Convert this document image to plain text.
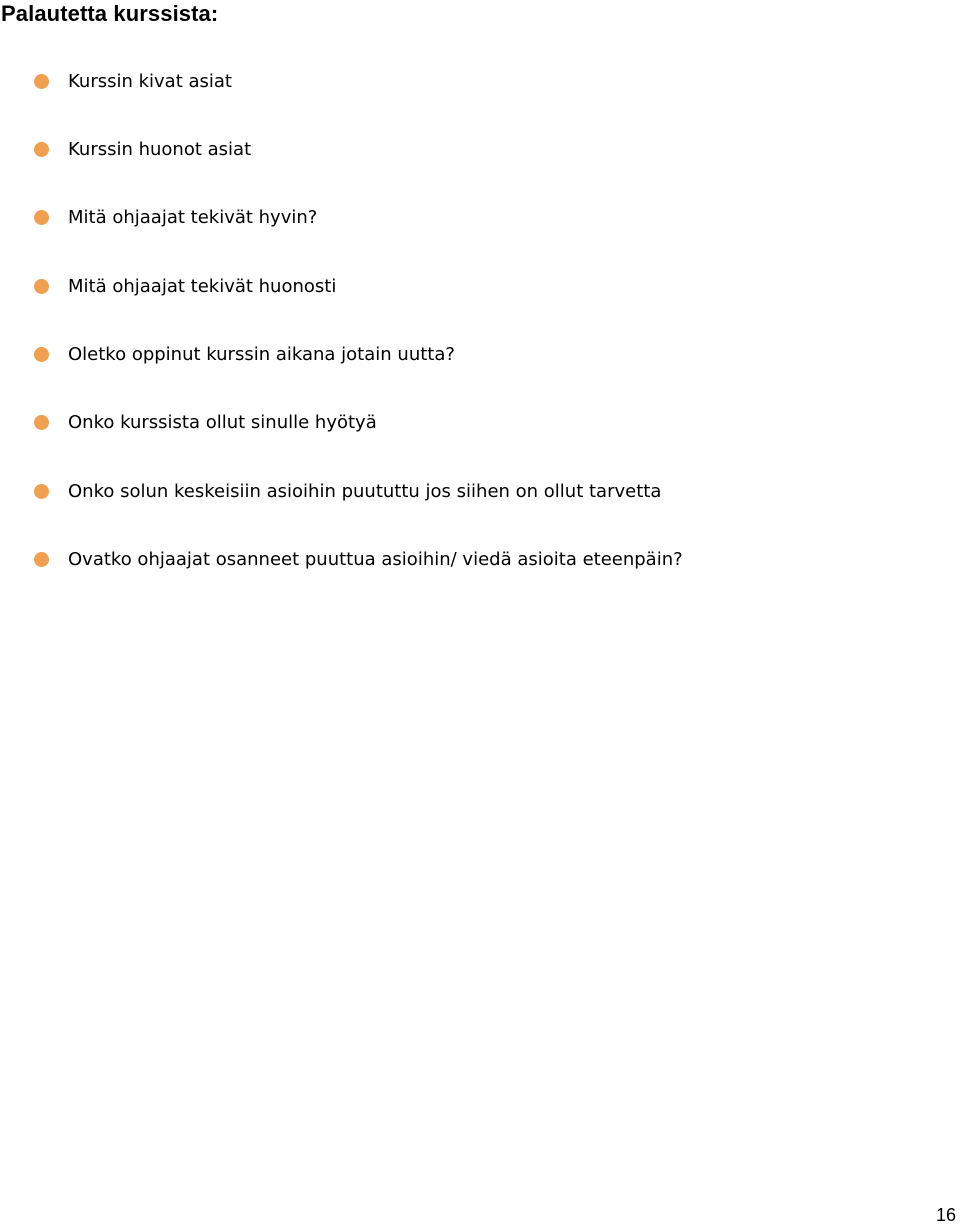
Palautetta kurssista:
Kurssin kivat asiat
Kurssin huonot asiat
Mitä ohjaajat tekivät hyvin?
Mitä ohjaajat tekivät huonosti
Oletko oppinut kurssin aikana jotain uutta?
Onko kurssista ollut sinulle hyötyä
Onko solun keskeisiin asioihin puututtu jos siihen on ollut tarvetta
Ovatko ohjaajat osanneet puuttua asioihin/ viedä asioita eteenpäin?
16
